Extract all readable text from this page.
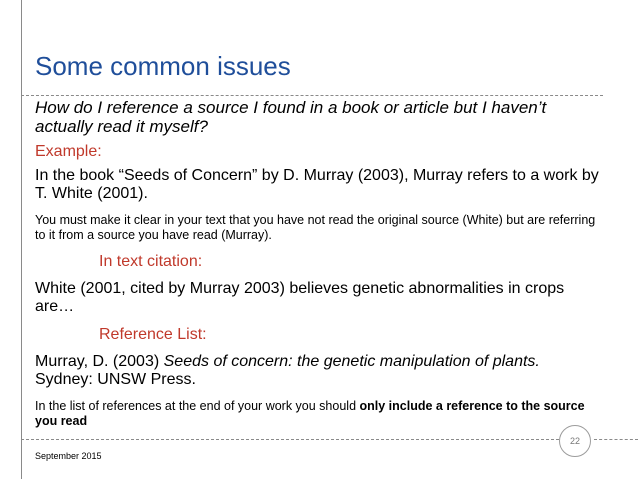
Some common issues

How do I reference a source I found in a book or article but I haven’t actually read it myself?

Example:
In the book “Seeds of Concern” by D. Murray (2003), Murray refers to a work by T. White (2001).
You must make it clear in your text that you have not read the original source (White) but are referring to it from a source you have read (Murray).
In text citation:
White (2001, cited by Murray 2003) believes genetic abnormalities in crops are…
Reference List:
Murray, D. (2003) Seeds of concern: the genetic manipulation of plants.
Sydney: UNSW Press.
In the list of references at the end of your work you should only include a reference to the source you read
22
September 2015
